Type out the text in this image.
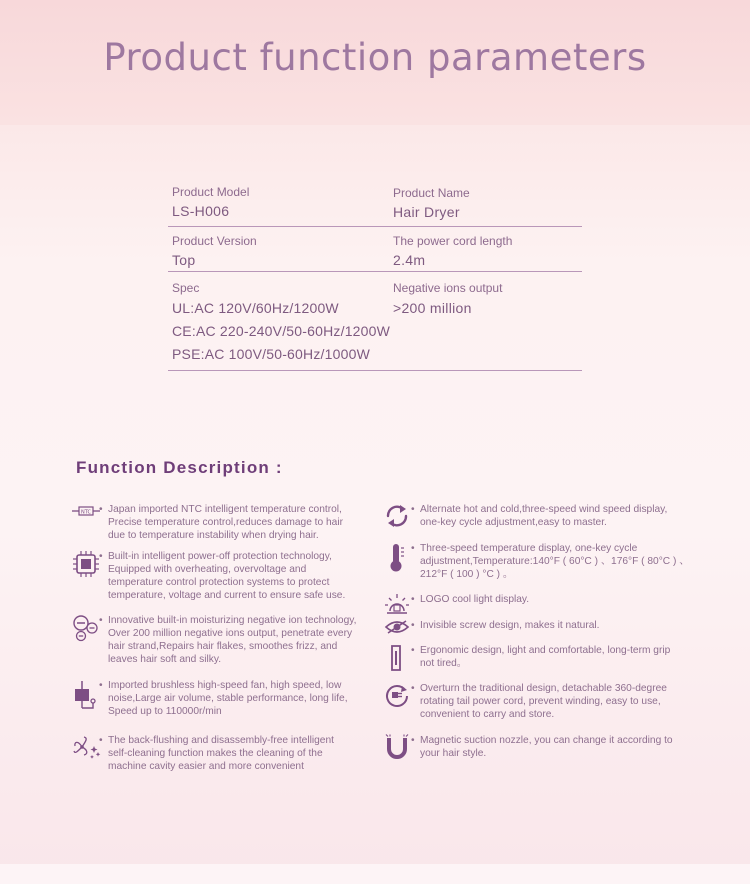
Product function parameters
Product Model
LS-H006
Product Name
Hair Dryer
Product Version
Top
The power cord length
2.4m
Spec
UL:AC 120V/60Hz/1200W
CE:AC 220-240V/50-60Hz/1200W
PSE:AC 100V/50-60Hz/1000W
Negative ions output
>200 million
Function Description :
NTC
• Japan imported NTC intelligent temperature control,
Precise temperature control,reduces damage to hair
due to temperature instability when drying hair.
• Built-in intelligent power-off protection technology,
Equipped with overheating, overvoltage and
temperature control protection systems to protect
temperature, voltage and current to ensure safe use.
• Innovative built-in moisturizing negative ion technology,
Over 200 million negative ions output, penetrate every
hair strand,Repairs hair flakes, smoothes frizz, and
leaves hair soft and silky.
• Imported brushless high-speed fan, high speed, low
noise,Large air volume, stable performance, long life,
Speed up to 110000r/min
• The back-flushing and disassembly-free intelligent
self-cleaning function makes the cleaning of the
machine cavity easier and more convenient
• Alternate hot and cold,three-speed wind speed display,
one-key cycle adjustment,easy to master.
• Three-speed temperature display, one-key cycle
adjustment,Temperature:140°F ( 60°C ) 、176°F ( 80°C ) 、
212°F ( 100 ) °C ) 。
• LOGO cool light display.
• Invisible screw design, makes it natural.
• Ergonomic design, light and comfortable, long-term grip
not tired。
• Overturn the traditional design, detachable 360-degree
rotating tail power cord, prevent winding, easy to use,
convenient to carry and store.
• Magnetic suction nozzle, you can change it according to
your hair style.
